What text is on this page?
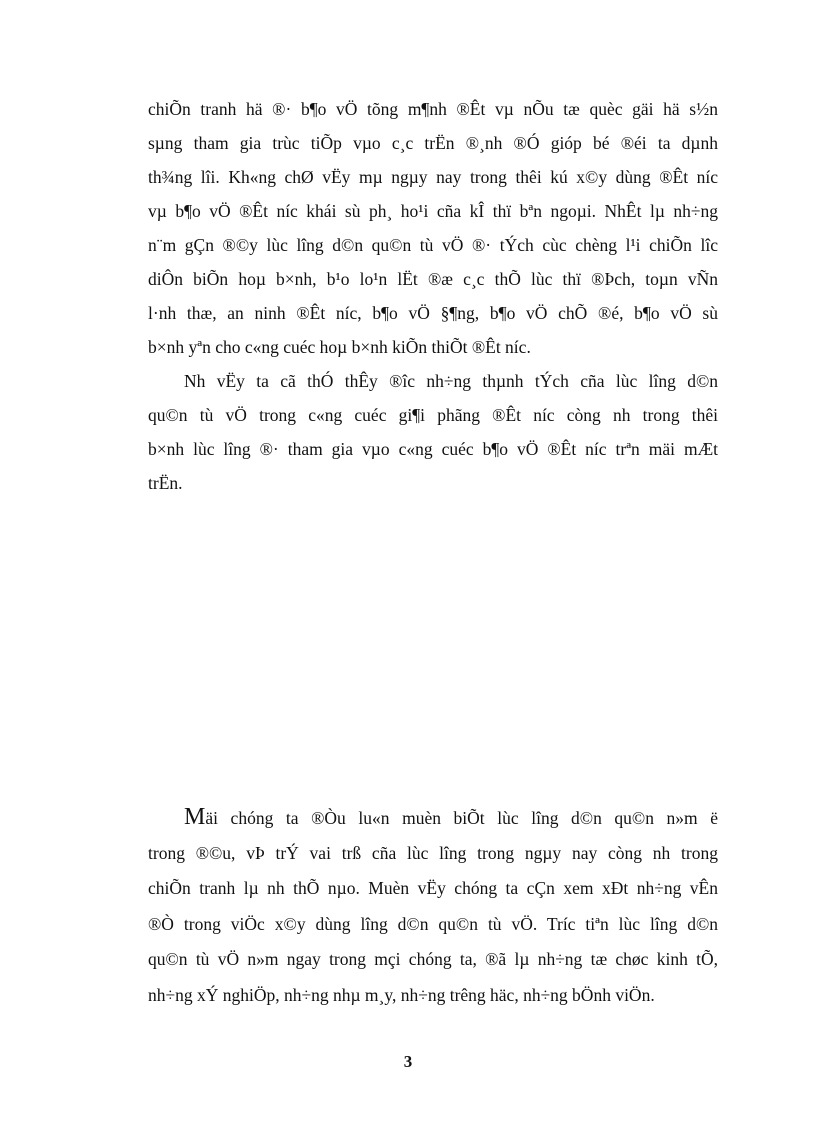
chiÕn tranh hä ®· b¶o vÖ tõng m¶nh ®Êt vµ nÕu tæ quèc gäi hä s½n
sµng tham gia trùc tiÕp vµo c¸c trËn ®¸nh ®Ó gióp bé ®éi ta dµnh
th¾ng lîi. Kh«ng chØ vËy mµ ngµy nay trong thêi kú x©y dùng ®Êt níc
vµ b¶o vÖ ®Êt níc khái sù ph¸ ho¹i cña kÎ thï bªn ngoµi. NhÊt lµ nh÷ng
n¨m gÇn ®©y lùc lîng d©n qu©n tù vÖ ®· tÝch cùc chèng l¹i chiÕn lîc
diÔn biÕn hoµ b×nh, b¹o lo¹n lËt ®æ c¸c thÕ lùc thï ®Þch, toµn vÑn
l·nh thæ, an ninh ®Êt níc, b¶o vÖ §¶ng, b¶o vÖ chÕ ®é, b¶o vÖ sù
b×nh yªn cho c«ng cuéc hoµ b×nh kiÕn thiÕt ®Êt níc.
Nh vËy ta cã thÓ thÊy ®îc nh÷ng thµnh tÝch cña lùc lîng d©n
qu©n tù vÖ trong c«ng cuéc gi¶i phãng ®Êt níc còng nh trong thêi
b×nh lùc lîng ®· tham gia vµo c«ng cuéc b¶o vÖ ®Êt níc trªn mäi mÆt
trËn.
Mäi chóng ta ®Òu lu«n muèn biÕt lùc lîng d©n qu©n n»m ë
trong ®©u, vÞ trÝ vai trß cña lùc lîng trong ngµy nay còng nh trong
chiÕn tranh lµ nh thÕ nµo. Muèn vËy chóng ta cÇn xem xÐt nh÷ng vÊn
®Ò trong viÖc x©y dùng lîng d©n qu©n tù vÖ. Tríc tiªn lùc lîng d©n
qu©n tù vÖ n»m ngay trong mçi chóng ta, ®ã lµ nh÷ng tæ chøc kinh tÕ,
nh÷ng xÝ nghiÖp, nh÷ng nhµ m¸y, nh÷ng trêng häc, nh÷ng bÖnh viÖn.
3
